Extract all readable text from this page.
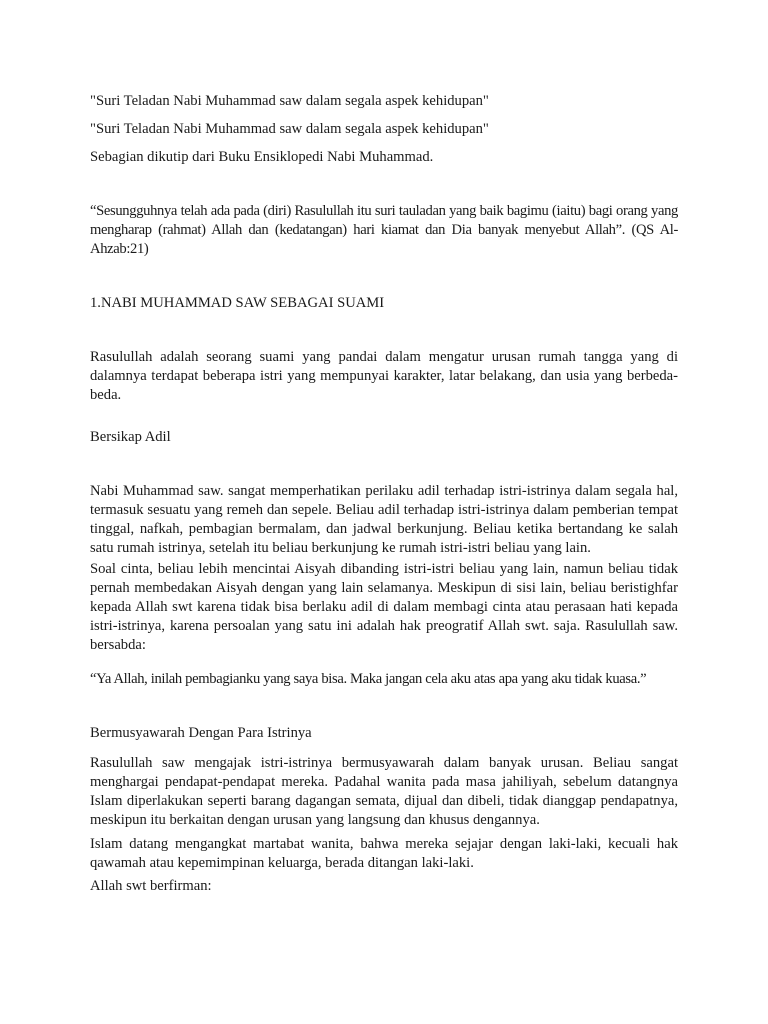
"Suri Teladan Nabi Muhammad saw dalam segala aspek kehidupan"

"Suri Teladan Nabi Muhammad saw dalam segala aspek kehidupan"

Sebagian dikutip dari Buku Ensiklopedi Nabi Muhammad.

“Sesungguhnya telah ada pada (diri) Rasulullah itu suri tauladan yang baik bagimu (iaitu) bagi orang yang mengharap (rahmat) Allah dan (kedatangan) hari kiamat dan Dia banyak menyebut Allah”. (QS Al-Ahzab:21)

1.NABI MUHAMMAD SAW SEBAGAI SUAMI

Rasulullah adalah seorang suami yang pandai dalam mengatur urusan rumah tangga yang di dalamnya terdapat beberapa istri yang mempunyai karakter, latar belakang, dan usia yang berbeda-beda.

Bersikap Adil

Nabi Muhammad saw. sangat memperhatikan perilaku adil terhadap istri-istrinya dalam segala hal, termasuk sesuatu yang remeh dan sepele. Beliau adil terhadap istri-istrinya dalam pemberian tempat tinggal, nafkah, pembagian bermalam, dan jadwal berkunjung. Beliau ketika bertandang ke salah satu rumah istrinya, setelah itu beliau berkunjung ke rumah istri-istri beliau yang lain.

Soal cinta, beliau lebih mencintai Aisyah dibanding istri-istri beliau yang lain, namun beliau tidak pernah membedakan Aisyah dengan yang lain selamanya. Meskipun di sisi lain, beliau beristighfar kepada Allah swt karena tidak bisa berlaku adil di dalam membagi cinta atau perasaan hati kepada istri-istrinya, karena persoalan yang satu ini adalah hak preogratif Allah swt. saja. Rasulullah saw. bersabda:

“Ya Allah, inilah pembagianku yang saya bisa. Maka jangan cela aku atas apa yang aku tidak kuasa.”

Bermusyawarah Dengan Para Istrinya

Rasulullah saw mengajak istri-istrinya bermusyawarah dalam banyak urusan. Beliau sangat menghargai pendapat-pendapat mereka. Padahal wanita pada masa jahiliyah, sebelum datangnya Islam diperlakukan seperti barang dagangan semata, dijual dan dibeli, tidak dianggap pendapatnya, meskipun itu berkaitan dengan urusan yang langsung dan khusus dengannya.

Islam datang mengangkat martabat wanita, bahwa mereka sejajar dengan laki-laki, kecuali hak qawamah atau kepemimpinan keluarga, berada ditangan laki-laki.

Allah swt berfirman:
